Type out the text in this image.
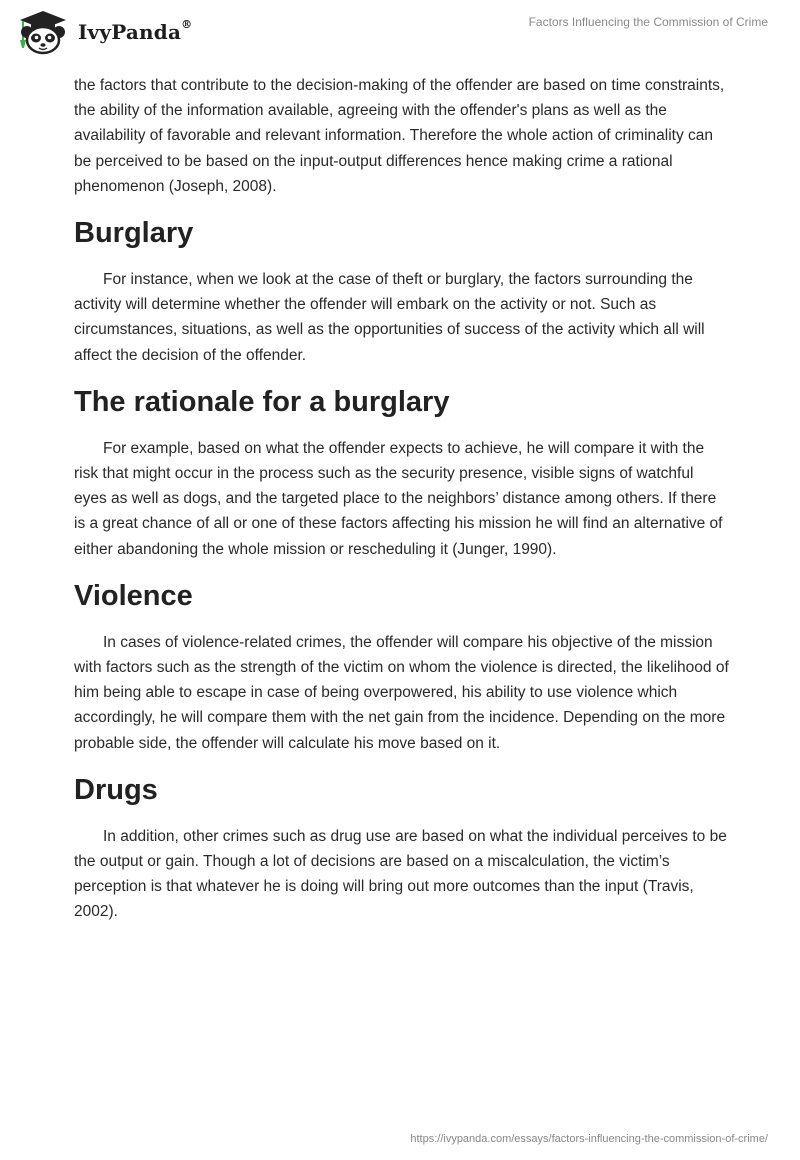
IvyPanda®	Factors Influencing the Commission of Crime

the factors that contribute to the decision-making of the offender are based on time constraints, the ability of the information available, agreeing with the offender's plans as well as the availability of favorable and relevant information. Therefore the whole action of criminality can be perceived to be based on the input-output differences hence making crime a rational phenomenon (Joseph, 2008).

Burglary

For instance, when we look at the case of theft or burglary, the factors surrounding the activity will determine whether the offender will embark on the activity or not. Such as circumstances, situations, as well as the opportunities of success of the activity which all will affect the decision of the offender.

The rationale for a burglary

For example, based on what the offender expects to achieve, he will compare it with the risk that might occur in the process such as the security presence, visible signs of watchful eyes as well as dogs, and the targeted place to the neighbors’ distance among others. If there is a great chance of all or one of these factors affecting his mission he will find an alternative of either abandoning the whole mission or rescheduling it (Junger, 1990).

Violence

In cases of violence-related crimes, the offender will compare his objective of the mission with factors such as the strength of the victim on whom the violence is directed, the likelihood of him being able to escape in case of being overpowered, his ability to use violence which accordingly, he will compare them with the net gain from the incidence. Depending on the more probable side, the offender will calculate his move based on it.

Drugs

In addition, other crimes such as drug use are based on what the individual perceives to be the output or gain. Though a lot of decisions are based on a miscalculation, the victim’s perception is that whatever he is doing will bring out more outcomes than the input (Travis, 2002).

https://ivypanda.com/essays/factors-influencing-the-commission-of-crime/
